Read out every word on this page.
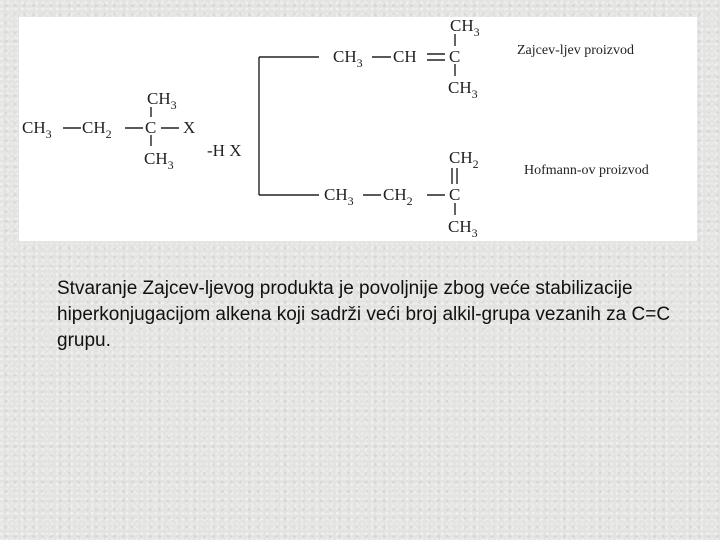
$CH_3$ $CH_2$ C X
$CH_3$
$CH_3$
-H X
$CH_3$ CH C
$CH_3$
$CH_3$
Zajcev-ljev proizvod
$CH_3$ $CH_2$ C
$CH_2$
$CH_3$
Hofmann-ov proizvod
Stvaranje Zajcev-ljevog produkta je povoljnije zbog veće stabilizacije hiperkonjugacijom alkena koji sadrži veći broj alkil-grupa vezanih za C=C grupu.
